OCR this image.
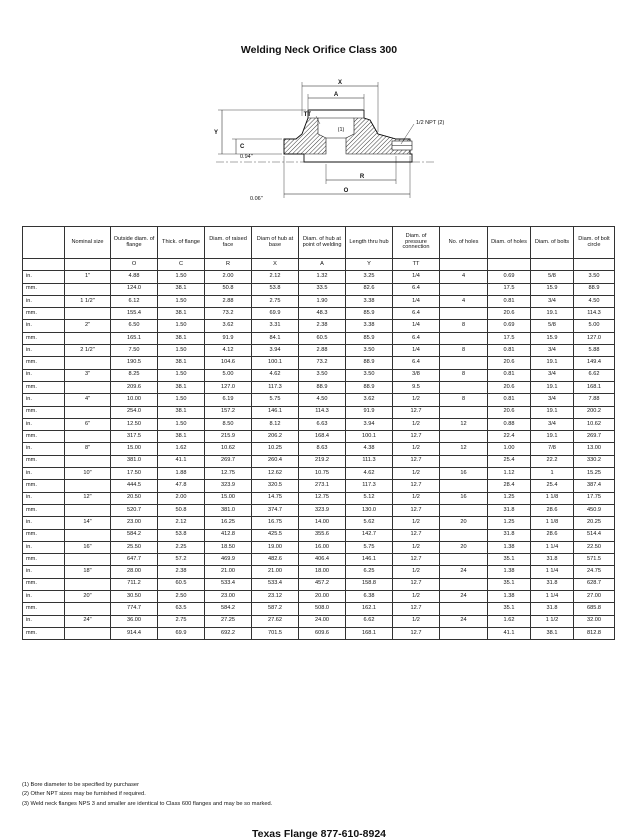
Welding Neck Orifice Class 300
X
A
TT
1/2 NPT (2)
(1)
Y
C
0.94"
R
O
0.06"
	Nominal size	Outside diam. of flange	Thick. of flange	Diam. of raised face	Diam of hub at base	Diam. of hub at point of welding	Length thru hub	Diam. of pressure connection	No. of holes	Diam. of holes	Diam. of bolts	Diam. of bolt circle
		O	C	R	X	A	Y	TT				
in.	1"	4.88	1.50	2.00	2.12	1.32	3.25	1/4	4	0.69	5/8	3.50
mm.		124.0	38.1	50.8	53.8	33.5	82.6	6.4		17.5	15.9	88.9
in.	1 1/2"	6.12	1.50	2.88	2.75	1.90	3.38	1/4	4	0.81	3/4	4.50
mm.		155.4	38.1	73.2	69.9	48.3	85.9	6.4		20.6	19.1	114.3
in.	2"	6.50	1.50	3.62	3.31	2.38	3.38	1/4	8	0.69	5/8	5.00
mm.		165.1	38.1	91.9	84.1	60.5	85.9	6.4		17.5	15.9	127.0
in.	2 1/2"	7.50	1.50	4.12	3.94	2.88	3.50	1/4	8	0.81	3/4	5.88
mm.		190.5	38.1	104.6	100.1	73.2	88.9	6.4		20.6	19.1	149.4
in.	3"	8.25	1.50	5.00	4.62	3.50	3.50	3/8	8	0.81	3/4	6.62
mm.		209.6	38.1	127.0	117.3	88.9	88.9	9.5		20.6	19.1	168.1
in.	4"	10.00	1.50	6.19	5.75	4.50	3.62	1/2	8	0.81	3/4	7.88
mm.		254.0	38.1	157.2	146.1	114.3	91.9	12.7		20.6	19.1	200.2
in.	6"	12.50	1.50	8.50	8.12	6.63	3.94	1/2	12	0.88	3/4	10.62
mm.		317.5	38.1	215.9	206.2	168.4	100.1	12.7		22.4	19.1	269.7
in.	8"	15.00	1.62	10.62	10.25	8.63	4.38	1/2	12	1.00	7/8	13.00
mm.		381.0	41.1	269.7	260.4	219.2	111.3	12.7		25.4	22.2	330.2
in.	10"	17.50	1.88	12.75	12.62	10.75	4.62	1/2	16	1.12	1	15.25
mm.		444.5	47.8	323.9	320.5	273.1	117.3	12.7		28.4	25.4	387.4
in.	12"	20.50	2.00	15.00	14.75	12.75	5.12	1/2	16	1.25	1 1/8	17.75
mm.		520.7	50.8	381.0	374.7	323.9	130.0	12.7		31.8	28.6	450.9
in.	14"	23.00	2.12	16.25	16.75	14.00	5.62	1/2	20	1.25	1 1/8	20.25
mm.		584.2	53.8	412.8	425.5	355.6	142.7	12.7		31.8	28.6	514.4
in.	16"	25.50	2.25	18.50	19.00	16.00	5.75	1/2	20	1.38	1 1/4	22.50
mm.		647.7	57.2	469.9	482.6	406.4	146.1	12.7		35.1	31.8	571.5
in.	18"	28.00	2.38	21.00	21.00	18.00	6.25	1/2	24	1.38	1 1/4	24.75
mm.		711.2	60.5	533.4	533.4	457.2	158.8	12.7		35.1	31.8	628.7
in.	20"	30.50	2.50	23.00	23.12	20.00	6.38	1/2	24	1.38	1 1/4	27.00
mm.		774.7	63.5	584.2	587.2	508.0	162.1	12.7		35.1	31.8	685.8
in.	24"	36.00	2.75	27.25	27.62	24.00	6.62	1/2	24	1.62	1 1/2	32.00
mm.		914.4	69.9	692.2	701.5	609.6	168.1	12.7		41.1	38.1	812.8
(1) Bore diameter to be specified by purchaser
(2) Other NPT sizes may be furnished if required.
(3) Weld neck flanges NPS 3 and smaller are identical to Class 600 flanges and may be so marked.
Texas Flange 877-610-8924
